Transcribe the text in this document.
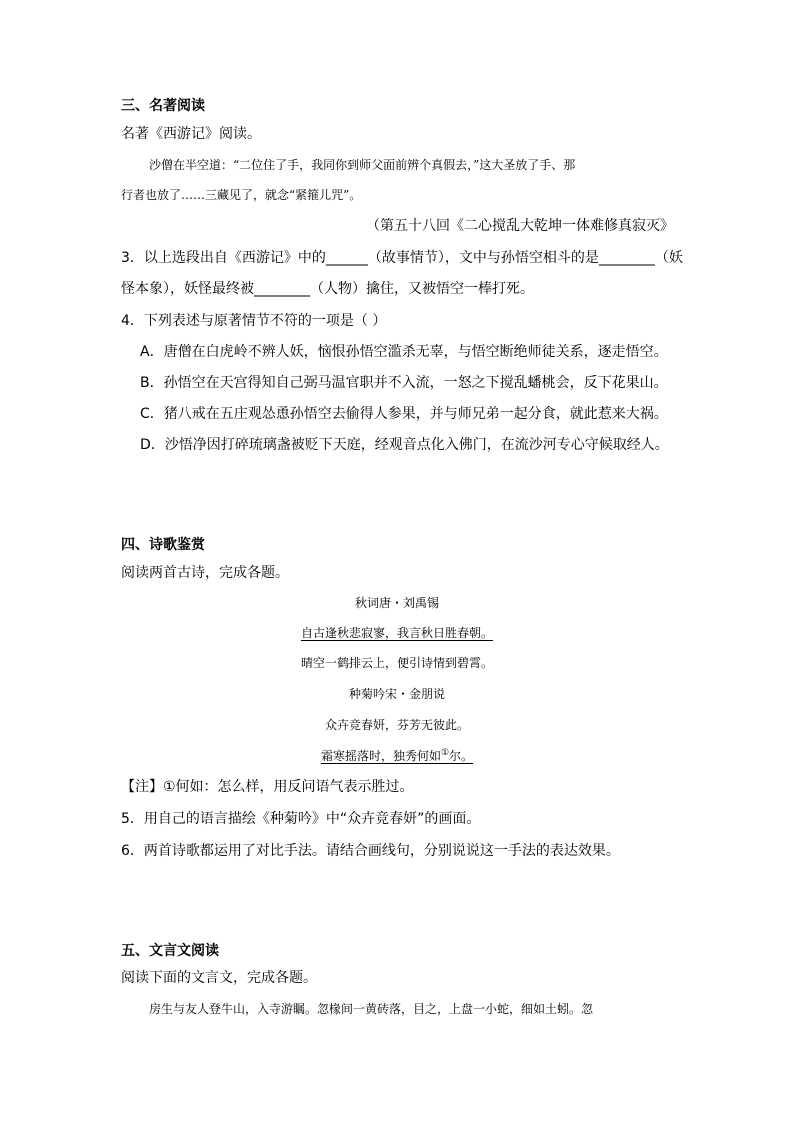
三、名著阅读
名著《西游记》阅读。
沙僧在半空道：“二位住了手，我同你到师父面前辨个真假去，”这大圣放了手、那
行者也放了……三藏见了，就念“紧箍儿咒”。
（第五十八回《二心搅乱大乾坤一体难修真寂灭》
3．以上选段出自《西游记》中的______（故事情节），文中与孙悟空相斗的是________（妖
怪本象），妖怪最终被________（人物）擒住，又被悟空一棒打死。
4．下列表述与原著情节不符的一项是（ ）
A．唐僧在白虎岭不辨人妖，恼恨孙悟空滥杀无辜，与悟空断绝师徒关系，逐走悟空。
B．孙悟空在天宫得知自己弼马温官职并不入流，一怒之下搅乱蟠桃会，反下花果山。
C．猪八戒在五庄观怂恿孙悟空去偷得人参果，并与师兄弟一起分食，就此惹来大祸。
D．沙悟净因打碎琉璃盏被贬下天庭，经观音点化入佛门，在流沙河专心守候取经人。
四、诗歌鉴赏
阅读两首古诗，完成各题。
秋词唐・刘禹锡
自古逢秋悲寂寥，我言秋日胜春朝。
晴空一鹤排云上，便引诗情到碧霄。
种菊吟宋・金朋说
众卉竞春妍，芬芳无彼此。
霜寒摇落时，独秀何如①尔。
【注】①何如：怎么样，用反问语气表示胜过。
5．用自己的语言描绘《种菊吟》中“众卉竞春妍”的画面。
6．两首诗歌都运用了对比手法。请结合画线句，分别说说这一手法的表达效果。
五、文言文阅读
阅读下面的文言文，完成各题。
房生与友人登牛山，入寺游瞩。忽椽间一黄砖落，目之，上盘一小蛇，细如土蚓。忽
